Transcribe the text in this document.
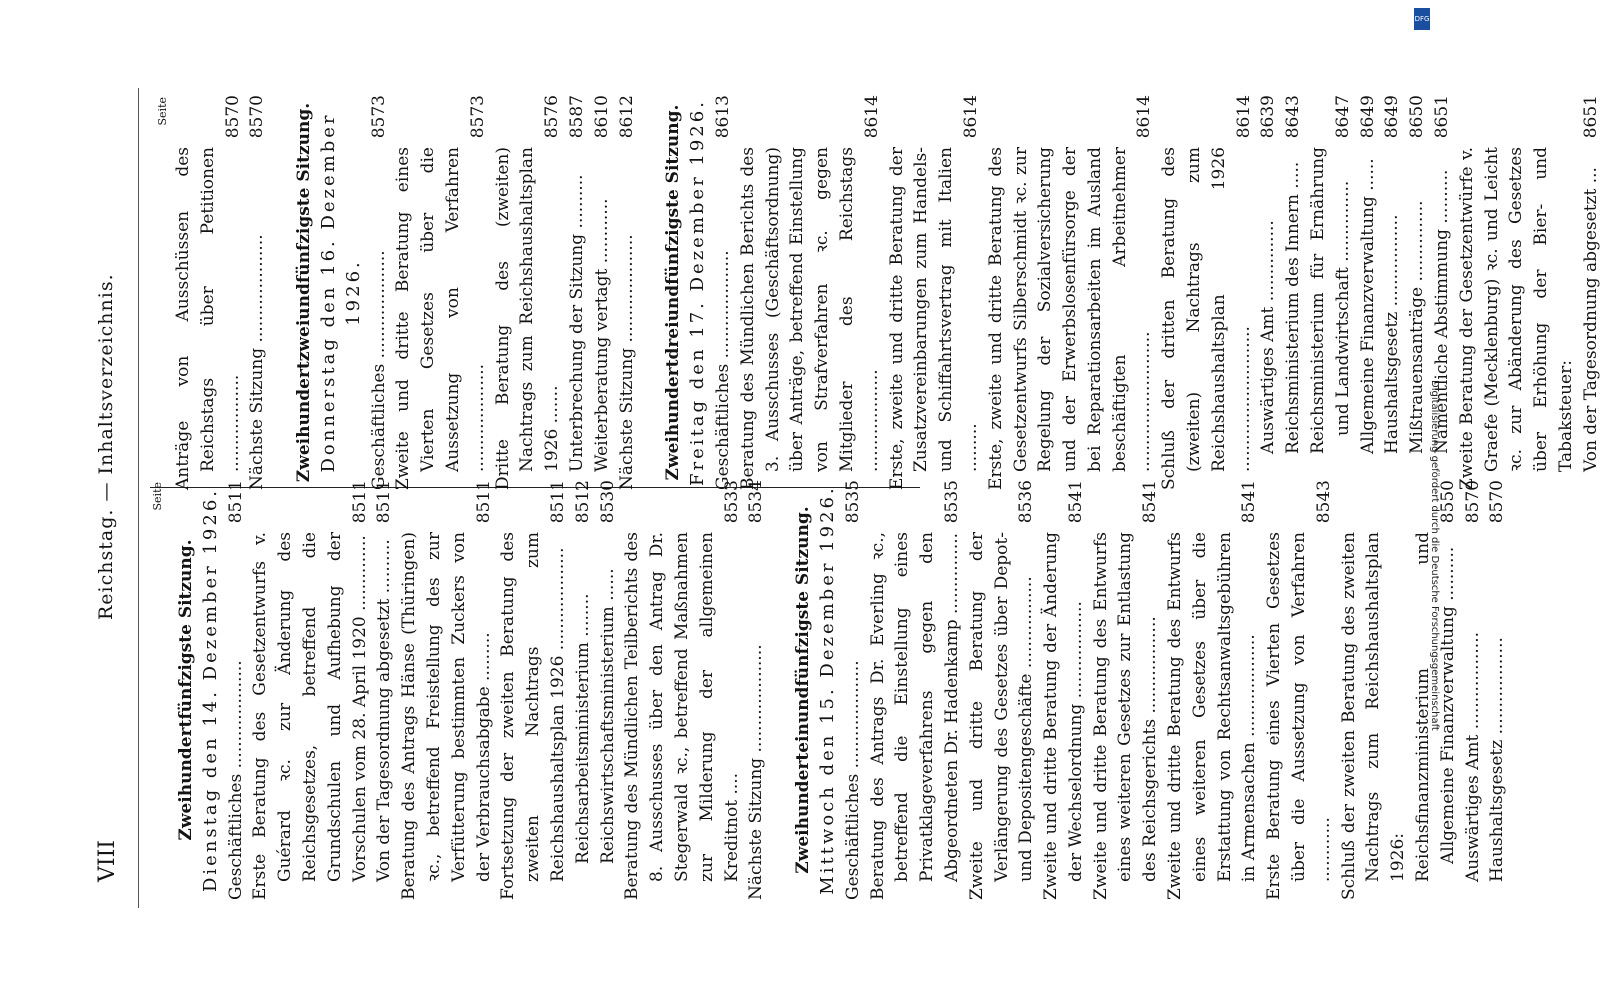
VIII
Reichstag. — Inhaltsverzeichnis.	Seite
Zweihundertfünfzigste Sitzung. Dienstag den 14. Dezember 1926. Geschäftliches ....................
8511
Erste Beratung des Gesetzentwurfs v. Guérard ꝛc. zur Änderung des Reichsgesetzes, betreffend die Grundschulen und Aufhebung der Vorschulen vom 28. April 1920 ..............
8511
Von der Tagesordnung abgesetzt ..........
8511
Beratung des Antrags Hänse (Thüringen) ꝛc., betreffend Freistellung des zur Verfütterung bestimmten Zuckers von der Verbrauchsabgabe .........
8511
Fortsetzung der zweiten Beratung des zweiten Nachtrags zum Reichshaushaltsplan 1926 ...................
8511
Reichsarbeitsministerium ........
8512
Reichswirtschaftsministerium ......
8530
Beratung des Mündlichen Teilberichts des 8. Ausschusses über den Antrag Dr. Stegerwald ꝛc., betreffend Maßnahmen zur Milderung der allgemeinen Kreditnot ....
8533
Nächste Sitzung ....................
8534
Zweihunderteinundfünfzigste Sitzung. Mittwoch den 15. Dezember 1926. Geschäftliches ....................
8535
Beratung des Antrags Dr. Everling ꝛc., betreffend die Einstellung eines Privatklageverfahrens gegen den Abgeordneten Dr. Hadenkamp ...............
8535
Zweite und dritte Beratung der Verlängerung des Gesetzes über Depot- und Depositengeschäfte .................
8536
Zweite und dritte Beratung der Änderung der Wechselordnung ..................
8541
Zweite und dritte Beratung des Entwurfs eines weiteren Gesetzes zur Entlastung des Reichsgerichts ..................
8541
Zweite und dritte Beratung des Entwurfs eines weiteren Gesetzes über die Erstattung von Rechtsanwaltsgebühren in Armensachen ...................
8541
Erste Beratung eines Vierten Gesetzes über die Aussetzung von Verfahren ............
8543
Schluß der zweiten Beratung des zweiten Nachtrags zum Reichshaushaltsplan 1926: Reichsfinanzministerium und Allgemeine Finanzverwaltung ..........
8550
Auswärtiges Amt ..................
8570
Haushaltsgesetz ..................
8570
Seite
Anträge von Ausschüssen des Reichstags über Petitionen ..................
8570
Nächste Sitzung ....................
8570 Zweihundertzweiundfünfzigste Sitzung. Donnerstag den 16. Dezember 1926. Geschäftliches ....................
8573
Zweite und dritte Beratung eines Vierten Gesetzes über die Aussetzung von Verfahren ....................
8573
Dritte Beratung des (zweiten) Nachtrags zum Reichshaushaltsplan 1926 .......
8576
Unterbrechung der Sitzung ..........
8587
Weiterberatung vertagt ............
8610
Nächste Sitzung ....................
8612 Zweihundertdreiundfünfzigste Sitzung. Freitag den 17. Dezember 1926. Geschäftliches ....................
8613
Beratung des Mündlichen Berichts des 3. Ausschusses (Geschäftsordnung) über Anträge, betreffend Einstellung von Strafverfahren ꝛc. gegen Mitglieder des Reichstags ...................
8614
Erste, zweite und dritte Beratung der Zusatzvereinbarungen zum Handels- und Schiffahrtsvertrag mit Italien .........
8614
Erste, zweite und dritte Beratung des Gesetzentwurfs Silberschmidt ꝛc. zur Regelung der Sozialversicherung und der Erwerbslosenfürsorge der bei Reparationsarbeiten im Ausland beschäftigten Arbeitnehmer ..........................
8614
Schluß der dritten Beratung des (zweiten) Nachtrags zum Reichshaushaltsplan 1926 ...........................
8614
Auswärtiges Amt ...............
8639
Reichsministerium des Innern .....
8643
Reichsministerium für Ernährung und Landwirtschaft ...............
8647
Allgemeine Finanzverwaltung ......
8649
Haushaltsgesetz .................
8649
Mißtrauensanträge ...............
8650
Namentliche Abstimmung ..........
8651
Zweite Beratung der Gesetzentwürfe v. Graefe (Mecklenburg) ꝛc. und Leicht ꝛc. zur Abänderung des Gesetzes über Erhöhung der Bier- und Tabaksteuer: Von der Tagesordnung abgesetzt ...
8651
DFG
Digitalisierung gefördert durch die Deutsche Forschungsgemeinschaft
